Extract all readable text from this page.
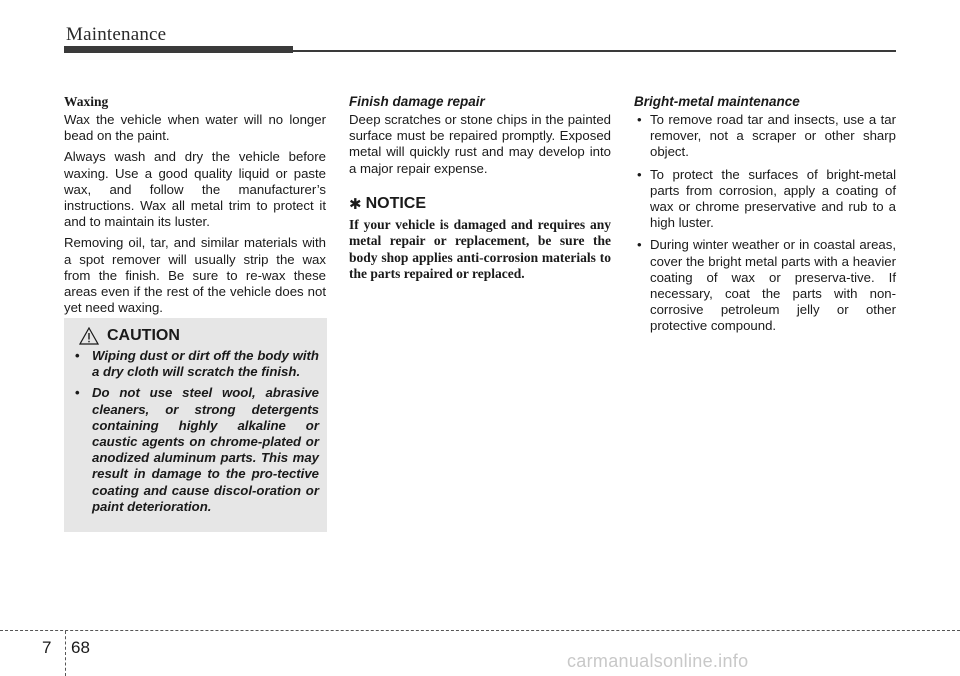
Maintenance
Waxing

Wax the vehicle when water will no longer bead on the paint.

Always wash and dry the vehicle before waxing. Use a good quality liquid or paste wax, and follow the manufacturer’s instructions. Wax all metal trim to protect it and to maintain its luster.

Removing oil, tar, and similar materials with a spot remover will usually strip the wax from the finish. Be sure to re-wax these areas even if the rest of the vehicle does not yet need waxing.

CAUTION
• Wiping dust or dirt off the body with a dry cloth will scratch the finish.
• Do not use steel wool, abrasive cleaners, or strong detergents containing highly alkaline or caustic agents on chrome-plated or anodized aluminum parts. This may result in damage to the pro-tective coating and cause discol-oration or paint deterioration.
Finish damage repair

Deep scratches or stone chips in the painted surface must be repaired promptly. Exposed metal will quickly rust and may develop into a major repair expense.

✱ NOTICE

If your vehicle is damaged and requires any metal repair or replacement, be sure the body shop applies anti-corrosion materials to the parts repaired or replaced.

Bright-metal maintenance
• To remove road tar and insects, use a tar remover, not a scraper or other sharp object.
• To protect the surfaces of bright-metal parts from corrosion, apply a coating of wax or chrome preservative and rub to a high luster.
• During winter weather or in coastal areas, cover the bright metal parts with a heavier coating of wax or preserva-tive. If necessary, coat the parts with non-corrosive petroleum jelly or other protective compound.
7 68
carmanualsonline.info
